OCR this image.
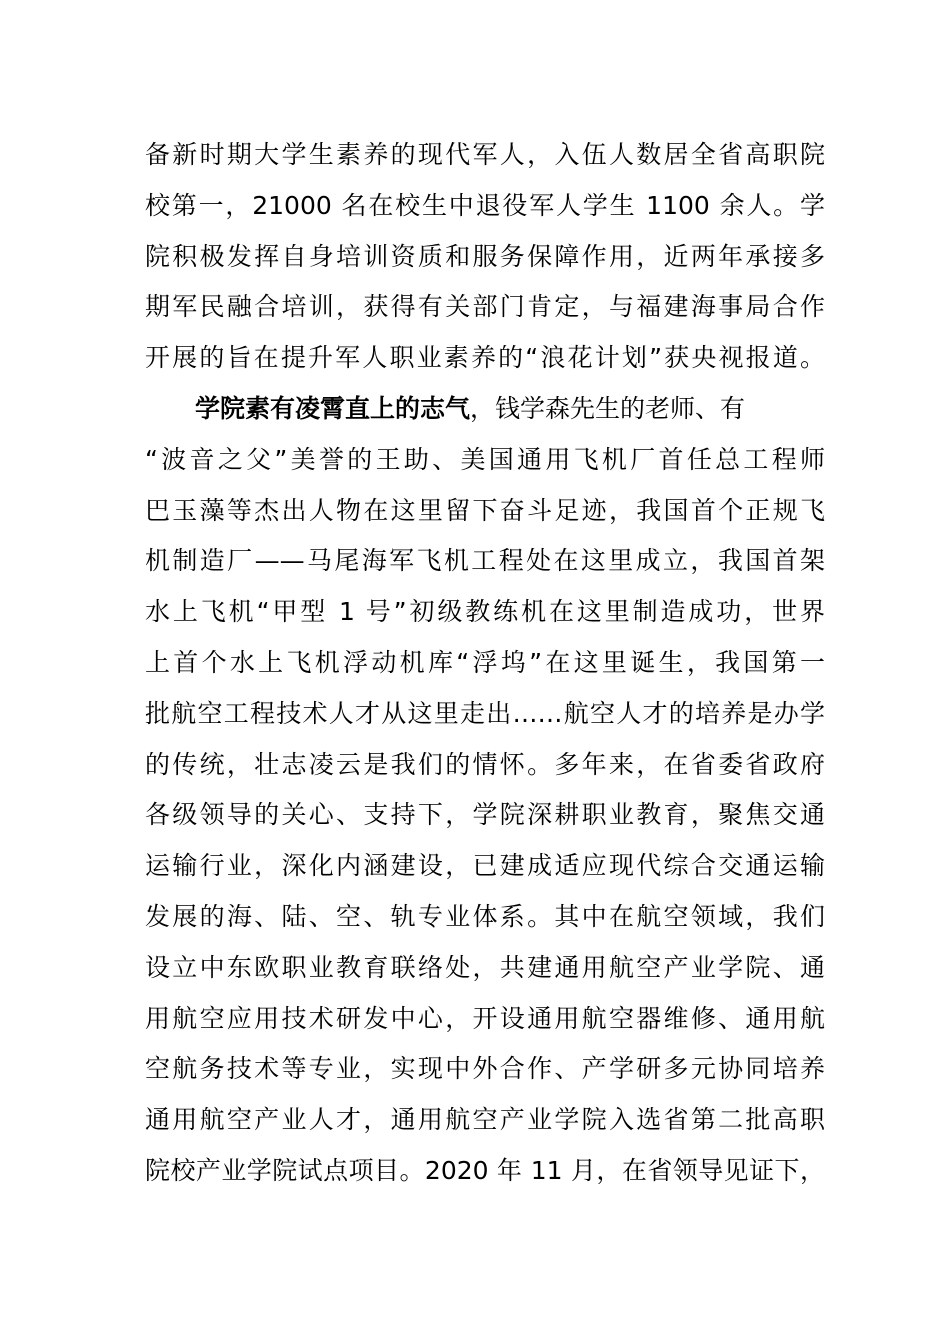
备新时期大学生素养的现代军人，入伍人数居全省高职院
校第一，21000 名在校生中退役军人学生 1100 余人。学
院积极发挥自身培训资质和服务保障作用，近两年承接多
期军民融合培训，获得有关部门肯定，与福建海事局合作
开展的旨在提升军人职业素养的“浪花计划”获央视报道。
学院素有凌霄直上的志气，钱学森先生的老师、有
“波音之父”美誉的王助、美国通用飞机厂首任总工程师
巴玉藻等杰出人物在这里留下奋斗足迹，我国首个正规飞
机制造厂——马尾海军飞机工程处在这里成立，我国首架
水上飞机“甲型 1 号”初级教练机在这里制造成功，世界
上首个水上飞机浮动机库“浮坞”在这里诞生，我国第一
批航空工程技术人才从这里走出……航空人才的培养是办学
的传统，壮志凌云是我们的情怀。多年来，在省委省政府
各级领导的关心、支持下，学院深耕职业教育，聚焦交通
运输行业，深化内涵建设，已建成适应现代综合交通运输
发展的海、陆、空、轨专业体系。其中在航空领域，我们
设立中东欧职业教育联络处，共建通用航空产业学院、通
用航空应用技术研发中心，开设通用航空器维修、通用航
空航务技术等专业，实现中外合作、产学研多元协同培养
通用航空产业人才，通用航空产业学院入选省第二批高职
院校产业学院试点项目。2020 年 11 月，在省领导见证下，
